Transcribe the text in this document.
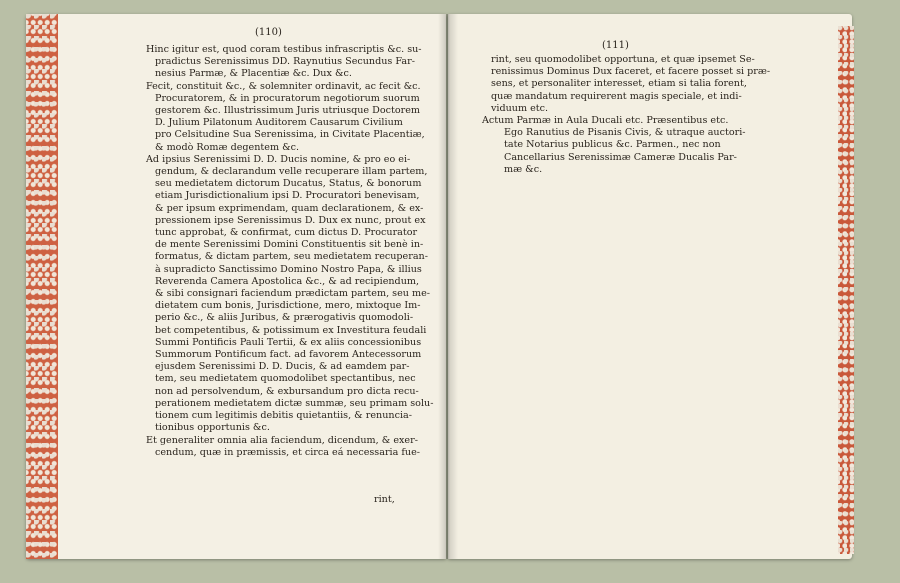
(110)
(111)
Hinc igitur est, quod coram testibus infrascriptis &c. su-
pradictus Serenissimus DD. Raynutius Secundus Far-
nesius Parmæ, & Placentiæ &c. Dux &c.
Fecit, constituit &c., & solemniter ordinavit, ac fecit &c.
Procuratorem, & in procuratorum negotiorum suorum
gestorem &c. Illustrissimum Juris utriusque Doctorem
D. Julium Pilatonum Auditorem Causarum Civilium
pro Celsitudine Sua Serenissima, in Civitate Placentiæ,
& modò Romæ degentem &c.
Ad ipsius Serenissimi D. D. Ducis nomine, & pro eo ei-
gendum, & declarandum velle recuperare illam partem,
seu medietatem dictorum Ducatus, Status, & bonorum
etiam Jurisdictionalium ipsi D. Procuratori benevisam,
& per ipsum exprimendam, quam declarationem, & ex-
pressionem ipse Serenissimus D. Dux ex nunc, prout ex
tunc approbat, & confirmat, cum dictus D. Procurator
de mente Serenissimi Domini Constituentis sit benè in-
formatus, & dictam partem, seu medietatem recuperan-
à supradicto Sanctissimo Domino Nostro Papa, & illius
Reverenda Camera Apostolica &c., & ad recipiendum,
& sibi consignari faciendum prædictam partem, seu me-
dietatem cum bonis, Jurisdictione, mero, mixtoque Im-
perio &c., & aliis Juribus, & prærogativis quomodoli-
bet competentibus, & potissimum ex Investitura feudali
Summi Pontificis Pauli Tertii, & ex aliis concessionibus
Summorum Pontificum fact. ad favorem Antecessorum
ejusdem Serenissimi D. D. Ducis, & ad eamdem par-
tem, seu medietatem quomodolibet spectantibus, nec
non ad persolvendum, & exbursandum pro dicta recu-
perationem medietatem dictæ summæ, seu primam solu-
tionem cum legitimis debitis quietantiis, & renuncia-
tionibus opportunis &c.
Et generaliter omnia alia faciendum, dicendum, & exer-
cendum, quæ in præmissis, et circa eá necessaria fue-
rint,
rint, seu quomodolibet opportuna, et quæ ipsemet Se-
renissimus Dominus Dux faceret, et facere posset si præ-
sens, et personaliter interesset, etiam si talia forent,
quæ mandatum requirerent magis speciale, et indi-
viduum etc.
Actum Parmæ in Aula Ducali etc. Præsentibus etc.
Ego Ranutius de Pisanis Civis, & utraque auctori-
tate Notarius publicus &c. Parmen., nec non
Cancellarius Serenissimæ Cameræ Ducalis Par-
mæ &c.
